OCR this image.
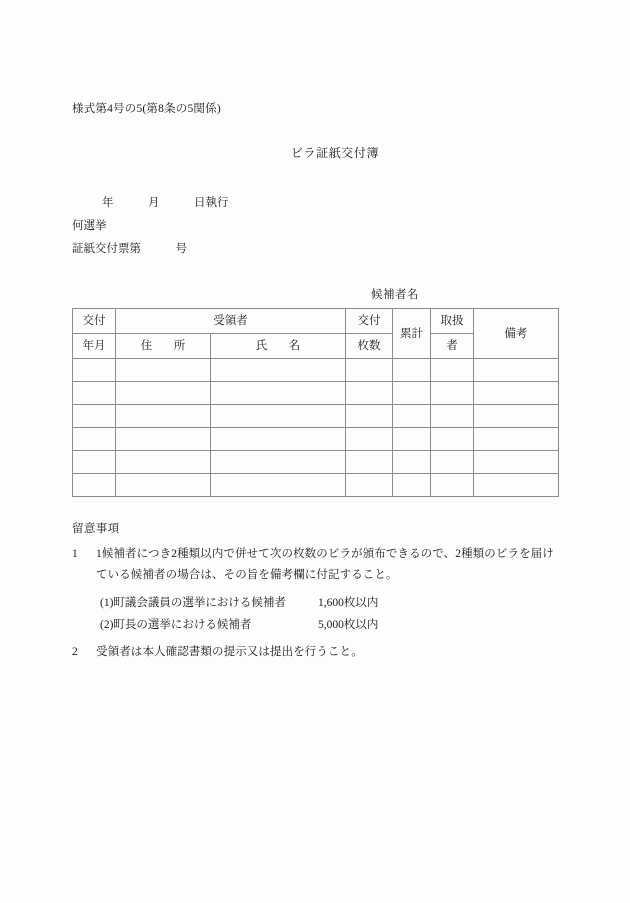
様式第4号の5(第8条の5関係)
ビラ証紙交付簿
年　　　月　　　日執行
何選挙
証紙交付票第　　　号
候補者名
交付	受領者		交付	累計	取扱	備考
年月	住　所	氏　名	枚数		者	

留意事項
1	1候補者につき2種類以内で併せて次の枚数のビラが頒布できるので、2種類のビラを届けている候補者の場合は、その旨を備考欄に付記すること。
(1)町議会議員の選挙における候補者	1,600枚以内
(2)町長の選挙における候補者	5,000枚以内
2	受領者は本人確認書類の提示又は提出を行うこと。
